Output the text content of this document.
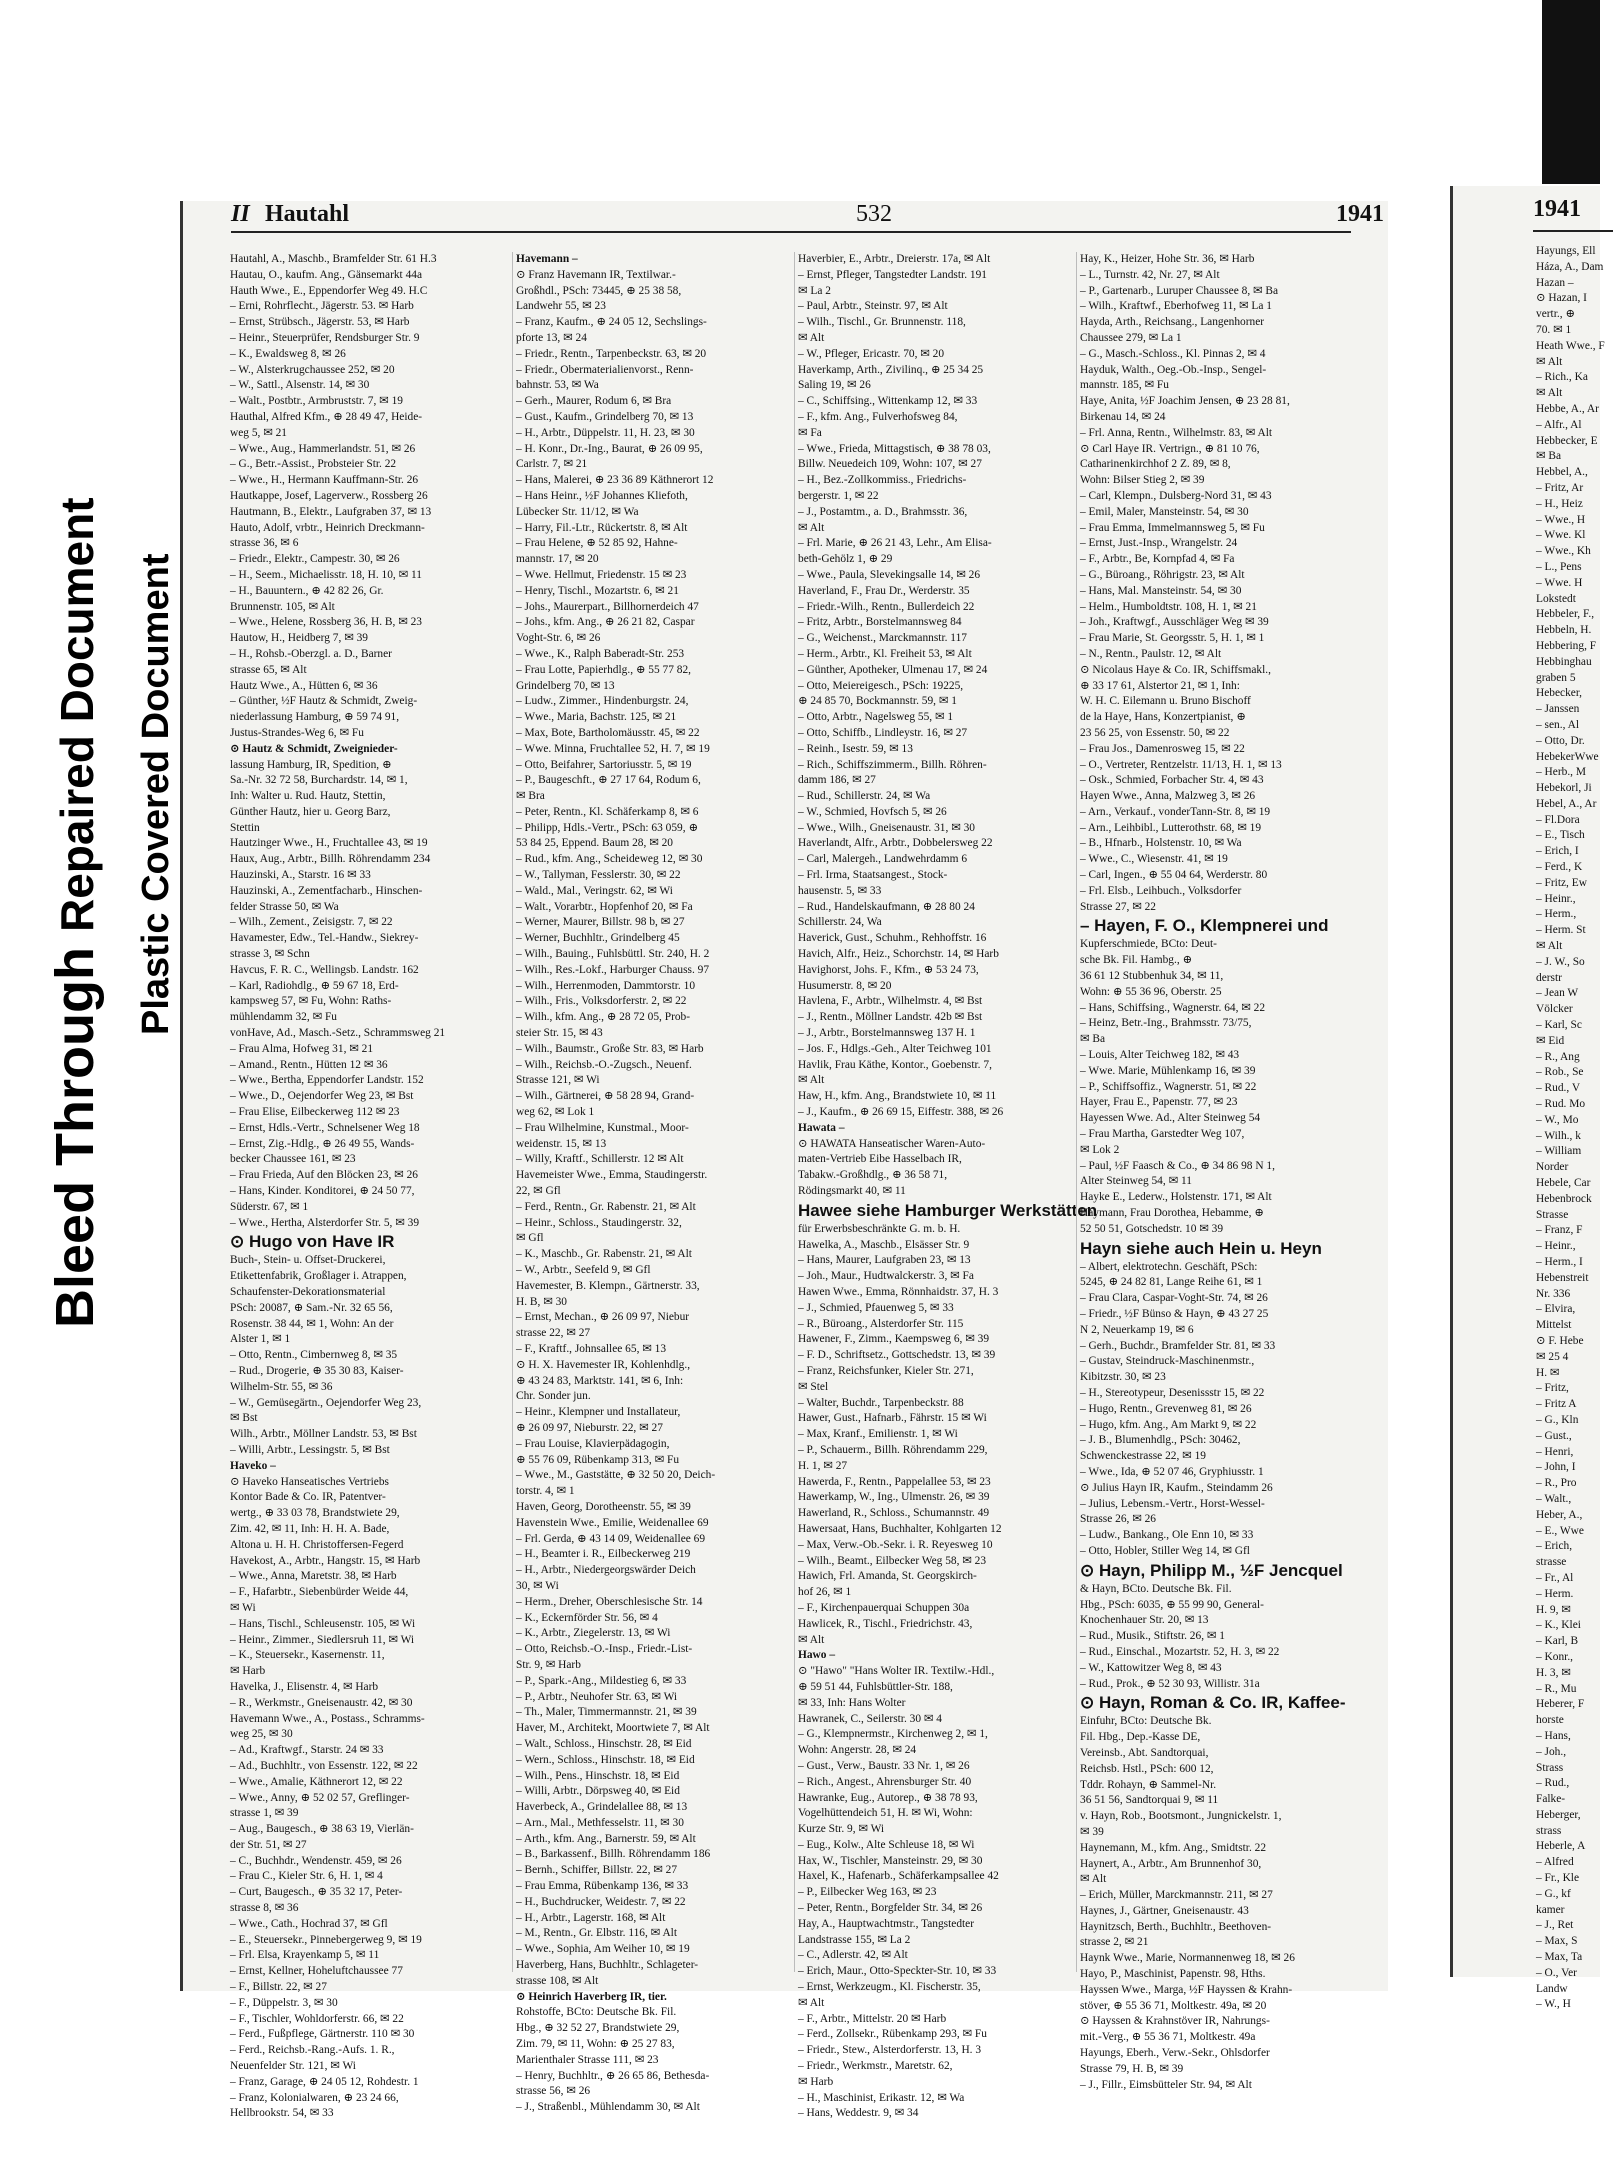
Bleed Through Repaired Document Plastic Covered Document
II Hautahl	532	1941
Hautahl, A., Maschb., Bramfelder Str. 61 H.3
Hautau, O., kaufm. Ang., Gänsemarkt 44a
Hauth Wwe., E., Eppendorfer Weg 49. H.C
– Erni, Rohrflecht., Jägerstr. 53. ✉ Harb
– Ernst, Strübsch., Jägerstr. 53, ✉ Harb
– Heinr., Steuerprüfer, Rendsburger Str. 9
– K., Ewaldsweg 8, ✉ 26
– W., Alsterkrugchaussee 252, ✉ 20
– W., Sattl., Alsenstr. 14, ✉ 30
– Walt., Postbtr., Armbruststr. 7, ✉ 19
Hauthal, Alfred Kfm., ⊕ 28 49 47, Heide-
weg 5, ✉ 21
– Wwe., Aug., Hammerlandstr. 51, ✉ 26
– G., Betr.-Assist., Probsteier Str. 22
– Wwe., H., Hermann Kauffmann-Str. 26
Hautkappe, Josef, Lagerverw., Rossberg 26
Hautmann, B., Elektr., Laufgraben 37, ✉ 13
Hauto, Adolf, vrbtr., Heinrich Dreckmann-
strasse 36, ✉ 6
– Friedr., Elektr., Campestr. 30, ✉ 26
– H., Seem., Michaelisstr. 18, H. 10, ✉ 11
– H., Bauuntern., ⊕ 42 82 26, Gr.
Brunnenstr. 105, ✉ Alt
– Wwe., Helene, Rossberg 36, H. B, ✉ 23
Hautow, H., Heidberg 7, ✉ 39
– H., Rohsb.-Oberzgl. a. D., Barner
strasse 65, ✉ Alt
Hautz Wwe., A., Hütten 6, ✉ 36
– Günther, ½F Hautz & Schmidt, Zweig-
niederlassung Hamburg, ⊕ 59 74 91,
Justus-Strandes-Weg 6, ✉ Fu
⊙ Hautz & Schmidt, Zweignieder-
lassung Hamburg, IR, Spedition, ⊕
Sa.-Nr. 32 72 58, Burchardstr. 14, ✉ 1,
Inh: Walter u. Rud. Hautz, Stettin,
Günther Hautz, hier u. Georg Barz,
Stettin
Hautzinger Wwe., H., Fruchtallee 43, ✉ 19
Haux, Aug., Arbtr., Billh. Röhrendamm 234
Hauzinski, A., Starstr. 16 ✉ 33
Hauzinski, A., Zementfacharb., Hinschen-
felder Strasse 50, ✉ Wa
– Wilh., Zement., Zeisigstr. 7, ✉ 22
Havamester, Edw., Tel.-Handw., Siekrey-
strasse 3, ✉ Schn
Havcus, F. R. C., Wellingsb. Landstr. 162
– Karl, Radiohdlg., ⊕ 59 67 18, Erd-
kampsweg 57, ✉ Fu, Wohn: Raths-
mühlendamm 32, ✉ Fu
vonHave, Ad., Masch.-Setz., Schrammsweg 21
– Frau Alma, Hofweg 31, ✉ 21
– Amand., Rentn., Hütten 12 ✉ 36
– Wwe., Bertha, Eppendorfer Landstr. 152
– Wwe., D., Oejendorfer Weg 23, ✉ Bst
– Frau Elise, Eilbeckerweg 112 ✉ 23
– Ernst, Hdls.-Vertr., Schnelsener Weg 18
– Ernst, Zig.-Hdlg., ⊕ 26 49 55, Wands-
becker Chaussee 161, ✉ 23
– Frau Frieda, Auf den Blöcken 23, ✉ 26
– Hans, Kinder. Konditorei, ⊕ 24 50 77,
Süderstr. 67, ✉ 1
– Wwe., Hertha, Alsterdorfer Str. 5, ✉ 39
⊙ Hugo von Have IR
Buch-, Stein- u. Offset-Druckerei,
Etikettenfabrik, Großlager i. Atrappen,
Schaufenster-Dekorationsmaterial
PSch: 20087, ⊕ Sam.-Nr. 32 65 56,
Rosenstr. 38 44, ✉ 1, Wohn: An der
Alster 1, ✉ 1
– Otto, Rentn., Cimbernweg 8, ✉ 35
– Rud., Drogerie, ⊕ 35 30 83, Kaiser-
Wilhelm-Str. 55, ✉ 36
– W., Gemüsegärtn., Oejendorfer Weg 23,
✉ Bst
Wilh., Arbtr., Möllner Landstr. 53, ✉ Bst
– Willi, Arbtr., Lessingstr. 5, ✉ Bst
Haveko –
⊙ Haveko Hanseatisches Vertriebs
Kontor Bade & Co. IR, Patentver-
wertg., ⊕ 33 03 78, Brandstwiete 29,
Zim. 42, ✉ 11, Inh: H. H. A. Bade,
Altona u. H. H. Christoffersen-Fegerd
Havekost, A., Arbtr., Hangstr. 15, ✉ Harb
– Wwe., Anna, Maretstr. 38, ✉ Harb
– F., Hafarbtr., Siebenbürder Weide 44,
✉ Wi
– Hans, Tischl., Schleusenstr. 105, ✉ Wi
– Heinr., Zimmer., Siedlersruh 11, ✉ Wi
– K., Steuersekr., Kasernenstr. 11,
✉ Harb
Havelka, J., Elisenstr. 4, ✉ Harb
– R., Werkmstr., Gneisenaustr. 42, ✉ 30
Havemann Wwe., A., Postass., Schramms-
weg 25, ✉ 30
– Ad., Kraftwgf., Starstr. 24 ✉ 33
– Ad., Buchhltr., von Essenstr. 122, ✉ 22
– Wwe., Amalie, Käthnerort 12, ✉ 22
– Wwe., Anny, ⊕ 52 02 57, Greflinger-
strasse 1, ✉ 39
– Aug., Baugesch., ⊕ 38 63 19, Vierlän-
der Str. 51, ✉ 27
– C., Buchhdr., Wendenstr. 459, ✉ 26
– Frau C., Kieler Str. 6, H. 1, ✉ 4
– Curt, Baugesch., ⊕ 35 32 17, Peter-
strasse 8, ✉ 36
– Wwe., Cath., Hochrad 37, ✉ Gfl
– E., Steuersekr., Pinnebergerweg 9, ✉ 19
– Frl. Elsa, Krayenkamp 5, ✉ 11
– Ernst, Kellner, Hoheluftchaussee 77
– F., Billstr. 22, ✉ 27
– F., Düppelstr. 3, ✉ 30
– F., Tischler, Wohldorferstr. 66, ✉ 22
– Ferd., Fußpflege, Gärtnerstr. 110 ✉ 30
– Ferd., Reichsb.-Rang.-Aufs. 1. R.,
Neuenfelder Str. 121, ✉ Wi
– Franz, Garage, ⊕ 24 05 12, Rohdestr. 1
– Franz, Kolonialwaren, ⊕ 23 24 66,
Hellbrookstr. 54, ✉ 33
Havemann –
⊙ Franz Havemann IR, Textilwar.-
Großhdl., PSch: 73445, ⊕ 25 38 58,
Landwehr 55, ✉ 23
– Franz, Kaufm., ⊕ 24 05 12, Sechslings-
pforte 13, ✉ 24
– Friedr., Rentn., Tarpenbeckstr. 63, ✉ 20
– Friedr., Obermaterialienvorst., Renn-
bahnstr. 53, ✉ Wa
– Gerh., Maurer, Rodum 6, ✉ Bra
– Gust., Kaufm., Grindelberg 70, ✉ 13
– H., Arbtr., Düppelstr. 11, H. 23, ✉ 30
– H. Konr., Dr.-Ing., Baurat, ⊕ 26 09 95,
Carlstr. 7, ✉ 21
– Hans, Malerei, ⊕ 23 36 89 Käthnerort 12
– Hans Heinr., ½F Johannes Kliefoth,
Lübecker Str. 11/12, ✉ Wa
– Harry, Fil.-Ltr., Rückertstr. 8, ✉ Alt
– Frau Helene, ⊕ 52 85 92, Hahne-
mannstr. 17, ✉ 20
– Wwe. Hellmut, Friedenstr. 15 ✉ 23
– Henry, Tischl., Mozartstr. 6, ✉ 21
– Johs., Maurerpart., Billhornerdeich 47
– Johs., kfm. Ang., ⊕ 26 21 82, Caspar
Voght-Str. 6, ✉ 26
– Wwe., K., Ralph Baberadt-Str. 253
– Frau Lotte, Papierhdlg., ⊕ 55 77 82,
Grindelberg 70, ✉ 13
– Ludw., Zimmer., Hindenburgstr. 24,
– Wwe., Maria, Bachstr. 125, ✉ 21
– Max, Bote, Bartholomäusstr. 45, ✉ 22
– Wwe. Minna, Fruchtallee 52, H. 7, ✉ 19
– Otto, Beifahrer, Sartoriusstr. 5, ✉ 19
– P., Baugeschft., ⊕ 27 17 64, Rodum 6,
✉ Bra
– Peter, Rentn., Kl. Schäferkamp 8, ✉ 6
– Philipp, Hdls.-Vertr., PSch: 63 059, ⊕
53 84 25, Eppend. Baum 28, ✉ 20
– Rud., kfm. Ang., Scheideweg 12, ✉ 30
– W., Tallyman, Fesslerstr. 30, ✉ 22
– Wald., Mal., Veringstr. 62, ✉ Wi
– Walt., Vorarbtr., Hopfenhof 20, ✉ Fa
– Werner, Maurer, Billstr. 98 b, ✉ 27
– Werner, Buchhltr., Grindelberg 45
– Wilh., Bauing., Fuhlsbüttl. Str. 240, H. 2
– Wilh., Res.-Lokf., Harburger Chauss. 97
– Wilh., Herrenmoden, Dammtorstr. 10
– Wilh., Fris., Volksdorferstr. 2, ✉ 22
– Wilh., kfm. Ang., ⊕ 28 72 05, Prob-
steier Str. 15, ✉ 43
– Wilh., Baumstr., Große Str. 83, ✉ Harb
– Wilh., Reichsb.-O.-Zugsch., Neuenf.
Strasse 121, ✉ Wi
– Wilh., Gärtnerei, ⊕ 58 28 94, Grand-
weg 62, ✉ Lok 1
– Frau Wilhelmine, Kunstmal., Moor-
weidenstr. 15, ✉ 13
– Willy, Kraftf., Schillerstr. 12 ✉ Alt
Havemeister Wwe., Emma, Staudingerstr.
22, ✉ Gfl
– Ferd., Rentn., Gr. Rabenstr. 21, ✉ Alt
– Heinr., Schloss., Staudingerstr. 32,
✉ Gfl
– K., Maschb., Gr. Rabenstr. 21, ✉ Alt
– W., Arbtr., Seefeld 9, ✉ Gfl
Havemester, B. Klempn., Gärtnerstr. 33,
H. B, ✉ 30
– Ernst, Mechan., ⊕ 26 09 97, Niebur
strasse 22, ✉ 27
– F., Kraftf., Johnsallee 65, ✉ 13
⊙ H. X. Havemester IR, Kohlenhdlg.,
⊕ 43 24 83, Marktstr. 141, ✉ 6, Inh:
Chr. Sonder jun.
– Heinr., Klempner und Installateur,
⊕ 26 09 97, Nieburstr. 22, ✉ 27
– Frau Louise, Klavierpädagogin,
⊕ 55 76 09, Rübenkamp 313, ✉ Fu
– Wwe., M., Gaststätte, ⊕ 32 50 20, Deich-
torstr. 4, ✉ 1
Haven, Georg, Dorotheenstr. 55, ✉ 39
Havenstein Wwe., Emilie, Weidenallee 69
– Frl. Gerda, ⊕ 43 14 09, Weidenallee 69
– H., Beamter i. R., Eilbeckerweg 219
– H., Arbtr., Niedergeorgswärder Deich
30, ✉ Wi
– Herm., Dreher, Oberschlesische Str. 14
– K., Eckernförder Str. 56, ✉ 4
– K., Arbtr., Ziegelerstr. 13, ✉ Wi
– Otto, Reichsb.-O.-Insp., Friedr.-List-
Str. 9, ✉ Harb
– P., Spark.-Ang., Mildestieg 6, ✉ 33
– P., Arbtr., Neuhofer Str. 63, ✉ Wi
– Th., Maler, Timmermannstr. 21, ✉ 39
Haver, M., Architekt, Moortwiete 7, ✉ Alt
– Walt., Schloss., Hinschstr. 28, ✉ Eid
– Wern., Schloss., Hinschstr. 18, ✉ Eid
– Wilh., Pens., Hinschstr. 18, ✉ Eid
– Willi, Arbtr., Dörpsweg 40, ✉ Eid
Haverbeck, A., Grindelallee 88, ✉ 13
– Arn., Mal., Methfesselstr. 11, ✉ 30
– Arth., kfm. Ang., Barnerstr. 59, ✉ Alt
– B., Barkassenf., Billh. Röhrendamm 186
– Bernh., Schiffer, Billstr. 22, ✉ 27
– Frau Emma, Rübenkamp 136, ✉ 33
– H., Buchdrucker, Weidestr. 7, ✉ 22
– H., Arbtr., Lagerstr. 168, ✉ Alt
– M., Rentn., Gr. Elbstr. 116, ✉ Alt
– Wwe., Sophia, Am Weiher 10, ✉ 19
Haverberg, Hans, Buchhltr., Schlageter-
strasse 108, ✉ Alt
⊙ Heinrich Haverberg IR, tier.
Rohstoffe, BCto: Deutsche Bk. Fil.
Hbg., ⊕ 32 52 27, Brandstwiete 29,
Zim. 79, ✉ 11, Wohn: ⊕ 25 27 83,
Marienthaler Strasse 111, ✉ 23
– Henry, Buchhltr., ⊕ 26 65 86, Bethesda-
strasse 56, ✉ 26
– J., Straßenbl., Mühlendamm 30, ✉ Alt
Haverbier, E., Arbtr., Dreierstr. 17a, ✉ Alt
– Ernst, Pfleger, Tangstedter Landstr. 191
✉ La 2
– Paul, Arbtr., Steinstr. 97, ✉ Alt
– Wilh., Tischl., Gr. Brunnenstr. 118,
✉ Alt
– W., Pfleger, Ericastr. 70, ✉ 20
Haverkamp, Arth., Zivilinq., ⊕ 25 34 25
Saling 19, ✉ 26
– C., Schiffsing., Wittenkamp 12, ✉ 33
– F., kfm. Ang., Fulverhofsweg 84,
✉ Fa
– Wwe., Frieda, Mittagstisch, ⊕ 38 78 03,
Billw. Neuedeich 109, Wohn: 107, ✉ 27
– H., Bez.-Zollkommiss., Friedrichs-
bergerstr. 1, ✉ 22
– J., Postamtm., a. D., Brahmsstr. 36,
✉ Alt
– Frl. Marie, ⊕ 26 21 43, Lehr., Am Elisa-
beth-Gehölz 1, ⊕ 29
– Wwe., Paula, Slevekingsalle 14, ✉ 26
Haverland, F., Frau Dr., Werderstr. 35
– Friedr.-Wilh., Rentn., Bullerdeich 22
– Fritz, Arbtr., Borstelmannsweg 84
– G., Weichenst., Marckmannstr. 117
– Herm., Arbtr., Kl. Freiheit 53, ✉ Alt
– Günther, Apotheker, Ulmenau 17, ✉ 24
– Otto, Meiereigesch., PSch: 19225,
⊕ 24 85 70, Bockmannstr. 59, ✉ 1
– Otto, Arbtr., Nagelsweg 55, ✉ 1
– Otto, Schiffb., Lindleystr. 16, ✉ 27
– Reinh., Isestr. 59, ✉ 13
– Rich., Schiffszimmerm., Billh. Röhren-
damm 186, ✉ 27
– Rud., Schillerstr. 24, ✉ Wa
– W., Schmied, Hovfsch 5, ✉ 26
– Wwe., Wilh., Gneisenaustr. 31, ✉ 30
Haverlandt, Alfr., Arbtr., Dobbelersweg 22
– Carl, Malergeh., Landwehrdamm 6
– Frl. Irma, Staatsangest., Stock-
hausenstr. 5, ✉ 33
– Rud., Handelskaufmann, ⊕ 28 80 24
Schillerstr. 24, Wa
Haverick, Gust., Schuhm., Rehhoffstr. 16
Havich, Alfr., Heiz., Schorchstr. 14, ✉ Harb
Havighorst, Johs. F., Kfm., ⊕ 53 24 73,
Husumerstr. 8, ✉ 20
Havlena, F., Arbtr., Wilhelmstr. 4, ✉ Bst
– J., Rentn., Möllner Landstr. 42b ✉ Bst
– J., Arbtr., Borstelmannsweg 137 H. 1
– Jos. F., Hdlgs.-Geh., Alter Teichweg 101
Havlik, Frau Käthe, Kontor., Goebenstr. 7,
✉ Alt
Haw, H., kfm. Ang., Brandstwiete 10, ✉ 11
– J., Kaufm., ⊕ 26 69 15, Eiffestr. 388, ✉ 26
Hawata –
⊙ HAWATA Hanseatischer Waren-Auto-
maten-Vertrieb Eibe Hasselbach IR,
Tabakw.-Großhdlg., ⊕ 36 58 71,
Rödingsmarkt 40, ✉ 11
Hawee siehe Hamburger Werkstätten
für Erwerbsbeschränkte G. m. b. H.
Hawelka, A., Maschb., Elsässer Str. 9
– Hans, Maurer, Laufgraben 23, ✉ 13
– Joh., Maur., Hudtwalckerstr. 3, ✉ Fa
Hawen Wwe., Emma, Rönnhaidstr. 37, H. 3
– J., Schmied, Pfauenweg 5, ✉ 33
– R., Büroang., Alsterdorfer Str. 115
Hawener, F., Zimm., Kaempsweg 6, ✉ 39
– F. D., Schriftsetz., Gottschedstr. 13, ✉ 39
– Franz, Reichsfunker, Kieler Str. 271,
✉ Stel
– Walter, Buchdr., Tarpenbeckstr. 88
Hawer, Gust., Hafnarb., Fährstr. 15 ✉ Wi
– Max, Kranf., Emilienstr. 1, ✉ Wi
– P., Schauerm., Billh. Röhrendamm 229,
H. 1, ✉ 27
Hawerda, F., Rentn., Pappelallee 53, ✉ 23
Hawerkamp, W., Ing., Ulmenstr. 26, ✉ 39
Hawerland, R., Schloss., Schumannstr. 49
Hawersaat, Hans, Buchhalter, Kohlgarten 12
– Max, Verw.-Ob.-Sekr. i. R. Reyesweg 10
– Wilh., Beamt., Eilbecker Weg 58, ✉ 23
Hawich, Frl. Amanda, St. Georgskirch-
hof 26, ✉ 1
– F., Kirchenpauerquai Schuppen 30a
Hawlicek, R., Tischl., Friedrichstr. 43,
✉ Alt
Hawo –
⊙ "Hawo" "Hans Wolter IR. Textilw.-Hdl.,
⊕ 59 51 44, Fuhlsbüttler-Str. 188,
✉ 33, Inh: Hans Wolter
Hawranek, C., Seilerstr. 30 ✉ 4
– G., Klempnermstr., Kirchenweg 2, ✉ 1,
Wohn: Angerstr. 28, ✉ 24
– Gust., Verw., Baustr. 33 Nr. 1, ✉ 26
– Rich., Angest., Ahrensburger Str. 40
Hawranke, Eug., Autorep., ⊕ 38 78 93,
Vogelhüttendeich 51, H. ✉ Wi, Wohn:
Kurze Str. 9, ✉ Wi
– Eug., Kolw., Alte Schleuse 18, ✉ Wi
Hax, W., Tischler, Mansteinstr. 29, ✉ 30
Haxel, K., Hafenarb., Schäferkampsallee 42
– P., Eilbecker Weg 163, ✉ 23
– Peter, Rentn., Borgfelder Str. 34, ✉ 26
Hay, A., Hauptwachtmstr., Tangstedter
Landstrasse 155, ✉ La 2
– C., Adlerstr. 42, ✉ Alt
– Erich, Maur., Otto-Speckter-Str. 10, ✉ 33
– Ernst, Werkzeugm., Kl. Fischerstr. 35,
✉ Alt
– F., Arbtr., Mittelstr. 20 ✉ Harb
– Ferd., Zollsekr., Rübenkamp 293, ✉ Fu
– Friedr., Stew., Alsterdorferstr. 13, H. 3
– Friedr., Werkmstr., Maretstr. 62,
✉ Harb
– H., Maschinist, Erikastr. 12, ✉ Wa
– Hans, Weddestr. 9, ✉ 34
Hay, K., Heizer, Hohe Str. 36, ✉ Harb
– L., Turnstr. 42, Nr. 27, ✉ Alt
– P., Gartenarb., Luruper Chaussee 8, ✉ Ba
– Wilh., Kraftwf., Eberhofweg 11, ✉ La 1
Hayda, Arth., Reichsang., Langenhorner
Chaussee 279, ✉ La 1
– G., Masch.-Schloss., Kl. Pinnas 2, ✉ 4
Hayduk, Walth., Oeg.-Ob.-Insp., Sengel-
mannstr. 185, ✉ Fu
Haye, Anita, ½F Joachim Jensen, ⊕ 23 28 81,
Birkenau 14, ✉ 24
– Frl. Anna, Rentn., Wilhelmstr. 83, ✉ Alt
⊙ Carl Haye IR. Vertrign., ⊕ 81 10 76,
Catharinenkirchhof 2 Z. 89, ✉ 8,
Wohn: Bilser Stieg 2, ✉ 39
– Carl, Klempn., Dulsberg-Nord 31, ✉ 43
– Emil, Maler, Mansteinstr. 54, ✉ 30
– Frau Emma, Immelmannsweg 5, ✉ Fu
– Ernst, Just.-Insp., Wrangelstr. 24
– F., Arbtr., Be, Kornpfad 4, ✉ Fa
– G., Büroang., Röhrigstr. 23, ✉ Alt
– Hans, Mal. Mansteinstr. 54, ✉ 30
– Helm., Humboldtstr. 108, H. 1, ✉ 21
– Joh., Kraftwgf., Ausschläger Weg ✉ 39
– Frau Marie, St. Georgsstr. 5, H. 1, ✉ 1
– N., Rentn., Paulstr. 12, ✉ Alt
⊙ Nicolaus Haye & Co. IR, Schiffsmakl.,
⊕ 33 17 61, Alstertor 21, ✉ 1, Inh:
W. H. C. Eilemann u. Bruno Bischoff
de la Haye, Hans, Konzertpianist, ⊕
23 56 25, von Essenstr. 50, ✉ 22
– Frau Jos., Damenrosweg 15, ✉ 22
– O., Vertreter, Rentzelstr. 11/13, H. 1, ✉ 13
– Osk., Schmied, Forbacher Str. 4, ✉ 43
Hayen Wwe., Anna, Malzweg 3, ✉ 26
– Arn., Verkauf., vonderTann-Str. 8, ✉ 19
– Arn., Leihbibl., Lutterothstr. 68, ✉ 19
– B., Hfnarb., Holstenstr. 10, ✉ Wa
– Wwe., C., Wiesenstr. 41, ✉ 19
– Carl, Ingen., ⊕ 55 04 64, Werderstr. 80
– Frl. Elsb., Leihbuch., Volksdorfer
Strasse 27, ✉ 22
– Hayen, F. O., Klempnerei und
Kupferschmiede, BCto: Deut-
sche Bk. Fil. Hambg., ⊕
36 61 12 Stubbenhuk 34, ✉ 11,
Wohn: ⊕ 55 36 96, Oberstr. 25
– Hans, Schiffsing., Wagnerstr. 64, ✉ 22
– Heinz, Betr.-Ing., Brahmsstr. 73/75,
✉ Ba
– Louis, Alter Teichweg 182, ✉ 43
– Wwe. Marie, Mühlenkamp 16, ✉ 39
– P., Schiffsoffiz., Wagnerstr. 51, ✉ 22
Hayer, Frau E., Papenstr. 77, ✉ 23
Hayessen Wwe. Ad., Alter Steinweg 54
– Frau Martha, Garstedter Weg 107,
✉ Lok 2
– Paul, ½F Faasch & Co., ⊕ 34 86 98 N 1,
Alter Steinweg 54, ✉ 11
Hayke E., Lederw., Holstenstr. 171, ✉ Alt
Haymann, Frau Dorothea, Hebamme, ⊕
52 50 51, Gotschedstr. 10 ✉ 39
Hayn siehe auch Hein u. Heyn
– Albert, elektrotechn. Geschäft, PSch:
5245, ⊕ 24 82 81, Lange Reihe 61, ✉ 1
– Frau Clara, Caspar-Voght-Str. 74, ✉ 26
– Friedr., ½F Bünso & Hayn, ⊕ 43 27 25
N 2, Neuerkamp 19, ✉ 6
– Gerh., Buchdr., Bramfelder Str. 81, ✉ 33
– Gustav, Steindruck-Maschinenmstr.,
Kibitzstr. 30, ✉ 23
– H., Stereotypeur, Desenissstr 15, ✉ 22
– Hugo, Rentn., Grevenweg 81, ✉ 26
– Hugo, kfm. Ang., Am Markt 9, ✉ 22
– J. B., Blumenhdlg., PSch: 30462,
Schwenckestrasse 22, ✉ 19
– Wwe., Ida, ⊕ 52 07 46, Gryphiusstr. 1
⊙ Julius Hayn IR, Kaufm., Steindamm 26
– Julius, Lebensm.-Vertr., Horst-Wessel-
Strasse 26, ✉ 26
– Ludw., Bankang., Ole Enn 10, ✉ 33
– Otto, Hobler, Stiller Weg 14, ✉ Gfl
⊙ Hayn, Philipp M., ½F Jencquel
& Hayn, BCto. Deutsche Bk. Fil.
Hbg., PSch: 6035, ⊕ 55 99 90, General-
Knochenhauer Str. 20, ✉ 13
– Rud., Musik., Stiftstr. 26, ✉ 1
– Rud., Einschal., Mozartstr. 52, H. 3, ✉ 22
– W., Kattowitzer Weg 8, ✉ 43
– Rud., Prok., ⊕ 52 30 93, Willistr. 31a
⊙ Hayn, Roman & Co. IR, Kaffee-
Einfuhr, BCto: Deutsche Bk.
Fil. Hbg., Dep.-Kasse DE,
Vereinsb., Abt. Sandtorquai,
Reichsb. Hstl., PSch: 600 12,
Tddr. Rohayn, ⊕ Sammel-Nr.
36 51 56, Sandtorquai 9, ✉ 11
v. Hayn, Rob., Bootsmont., Jungnickelstr. 1,
✉ 39
Haynemann, M., kfm. Ang., Smidtstr. 22
Haynert, A., Arbtr., Am Brunnenhof 30,
✉ Alt
– Erich, Müller, Marckmannstr. 211, ✉ 27
Haynes, J., Gärtner, Gneisenaustr. 43
Haynitzsch, Berth., Buchhltr., Beethoven-
strasse 2, ✉ 21
Haynk Wwe., Marie, Normannenweg 18, ✉ 26
Hayo, P., Maschinist, Papenstr. 98, Hths.
Hayssen Wwe., Marga, ½F Hayssen & Krahn-
stöver, ⊕ 55 36 71, Moltkestr. 49a, ✉ 20
⊙ Hayssen & Krahnstöver IR, Nahrungs-
mit.-Verg., ⊕ 55 36 71, Moltkestr. 49a
Hayungs, Eberh., Verw.-Sekr., Ohlsdorfer
Strasse 79, H. B, ✉ 39
– J., Fillr., Eimsbütteler Str. 94, ✉ Alt
1941
Hayungs, Ell
Háza, A., Dam
Hazan –
⊙ Hazan, I
vertr., ⊕
70. ✉ 1
Heath Wwe., F
✉ Alt
– Rich., Ka
✉ Alt
Hebbe, A., Ar
– Alfr., Al
Hebbecker, E
✉ Ba
Hebbel, A.,
– Fritz, Ar
– H., Heiz
– Wwe., H
– Wwe. Kl
– Wwe., Kh
– L., Pens
– Wwe. H
Lokstedt
Hebbeler, F.,
Hebbeln, H.
Hebbering, F
Hebbinghau
graben 5
Hebecker,
– Janssen
– sen., Al
– Otto, Dr.
HebekerWwe
– Herb., M
Hebekorl, Ji
Hebel, A., Ar
– Fl.Dora
– E., Tisch
– Erich, I
– Ferd., K
– Fritz, Ew
– Heinr.,
– Herm.,
– Herm. St
✉ Alt
– J. W., So
derstr
– Jean W
Völcker
– Karl, Sc
✉ Eid
– R., Ang
– Rob., Se
– Rud., V
– Rud. Mo
– W., Mo
– Wilh., k
– William
Norder
Hebele, Car
Hebenbrock
Strasse
– Franz, F
– Heinr.,
– Herm., I
Hebenstreit
Nr. 336
– Elvira,
Mittelst
⊙ F. Hebe
✉ 25 4
H. ✉
– Fritz,
– Fritz A
– G., Kln
– Gust.,
– Henri,
– John, I
– R., Pro
– Walt.,
Heber, A.,
– E., Wwe
– Erich,
strasse
– Fr., Al
– Herm.
H. 9, ✉
– K., Klei
– Karl, B
– Konr.,
H. 3, ✉
– R., Mu
Heberer, F
horste
– Hans,
– Joh.,
Strass
– Rud.,
Falke-
Heberger,
strass
Heberle, A
– Alfred
– Fr., Kle
– G., kf
kamer
– J., Ret
– Max, S
– Max, Ta
– O., Ver
Landw
– W., H
